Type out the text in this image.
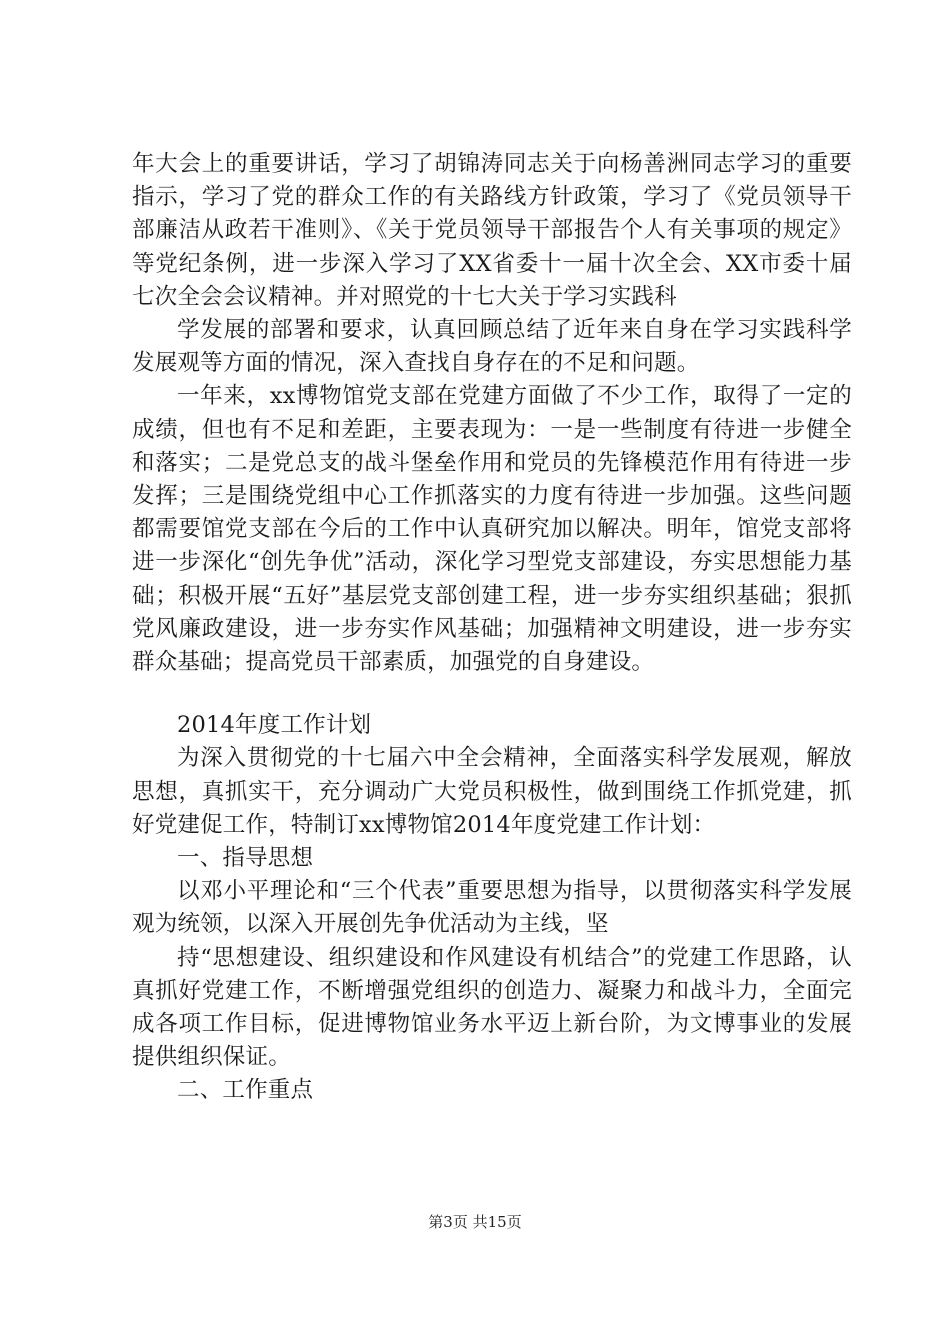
年大会上的重要讲话，学习了胡锦涛同志关于向杨善洲同志学习的重要指示，学习了党的群众工作的有关路线方针政策，学习了《党员领导干部廉洁从政若干准则》、《关于党员领导干部报告个人有关事项的规定》等党纪条例，进一步深入学习了XX省委十一届十次全会、XX市委十届七次全会会议精神。并对照党的十七大关于学习实践科

学发展的部署和要求，认真回顾总结了近年来自身在学习实践科学发展观等方面的情况，深入查找自身存在的不足和问题。

一年来，xx博物馆党支部在党建方面做了不少工作，取得了一定的成绩，但也有不足和差距，主要表现为：一是一些制度有待进一步健全和落实；二是党总支的战斗堡垒作用和党员的先锋模范作用有待进一步发挥；三是围绕党组中心工作抓落实的力度有待进一步加强。这些问题都需要馆党支部在今后的工作中认真研究加以解决。明年，馆党支部将进一步深化“创先争优”活动，深化学习型党支部建设，夯实思想能力基础；积极开展“五好”基层党支部创建工程，进一步夯实组织基础；狠抓党风廉政建设，进一步夯实作风基础；加强精神文明建设，进一步夯实群众基础；提高党员干部素质，加强党的自身建设。

2014年度工作计划

为深入贯彻党的十七届六中全会精神，全面落实科学发展观，解放思想，真抓实干，充分调动广大党员积极性，做到围绕工作抓党建，抓好党建促工作，特制订xx博物馆2014年度党建工作计划：

一、指导思想

以邓小平理论和“三个代表”重要思想为指导，以贯彻落实科学发展观为统领，以深入开展创先争优活动为主线，坚

持“思想建设、组织建设和作风建设有机结合”的党建工作思路，认真抓好党建工作，不断增强党组织的创造力、凝聚力和战斗力，全面完成各项工作目标，促进博物馆业务水平迈上新台阶，为文博事业的发展提供组织保证。

二、工作重点

第3页 共15页
